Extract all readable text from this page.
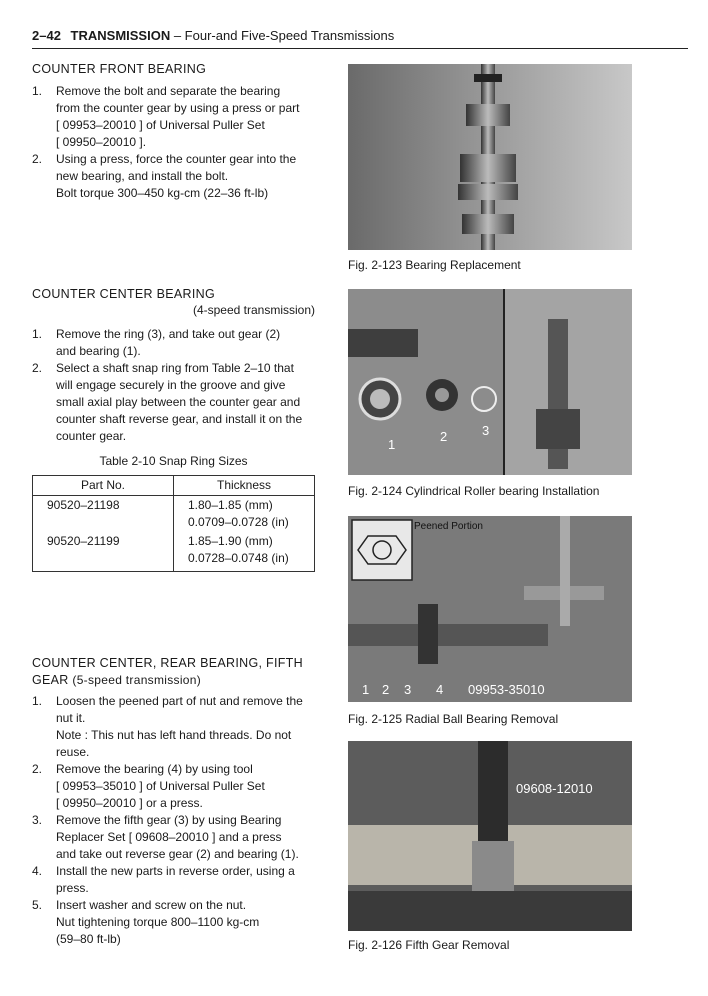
2–42 TRANSMISSION – Four-and Five-Speed Transmissions
COUNTER FRONT BEARING
1. Remove the bolt and separate the bearing
from the counter gear by using a press or part
[ 09953–20010 ] of Universal Puller Set
[ 09950–20010 ].
2. Using a press, force the counter gear into the
new bearing, and install the bolt.
Bolt torque 300–450 kg-cm (22–36 ft-lb)
COUNTER CENTER BEARING
(4-speed transmission)
1. Remove the ring (3), and take out gear (2)
and bearing (1).
2. Select a shaft snap ring from Table 2–10 that
will engage securely in the groove and give
small axial play between the counter gear and
counter shaft reverse gear, and install it on the
counter gear.
Table 2-10 Snap Ring Sizes
Part No.	Thickness
90520–21198	1.80–1.85 (mm)
0.0709–0.0728 (in)

90520–21199	1.85–1.90 (mm)
0.0728–0.0748 (in)
COUNTER CENTER, REAR BEARING, FIFTH
GEAR (5-speed transmission)
1. Loosen the peened part of nut and remove the
nut it.
Note : This nut has left hand threads. Do not
reuse.
2. Remove the bearing (4) by using tool
[ 09953–35010 ] of Universal Puller Set
[ 09950–20010 ] or a press.
3. Remove the fifth gear (3) by using Bearing
Replacer Set [ 09608–20010 ] and a press
and take out reverse gear (2) and bearing (1).
4. Install the new parts in reverse order, using a
press.
5. Insert washer and screw on the nut.
Nut tightening torque 800–1100 kg-cm
(59–80 ft-lb)
Fig. 2-123 Bearing Replacement
1
2	3
Fig. 2-124 Cylindrical Roller bearing Installation
Peened Portion
1 2 3 4 09953-35010
Fig. 2-125 Radial Ball Bearing Removal
09608-12010
Fig. 2-126 Fifth Gear Removal
